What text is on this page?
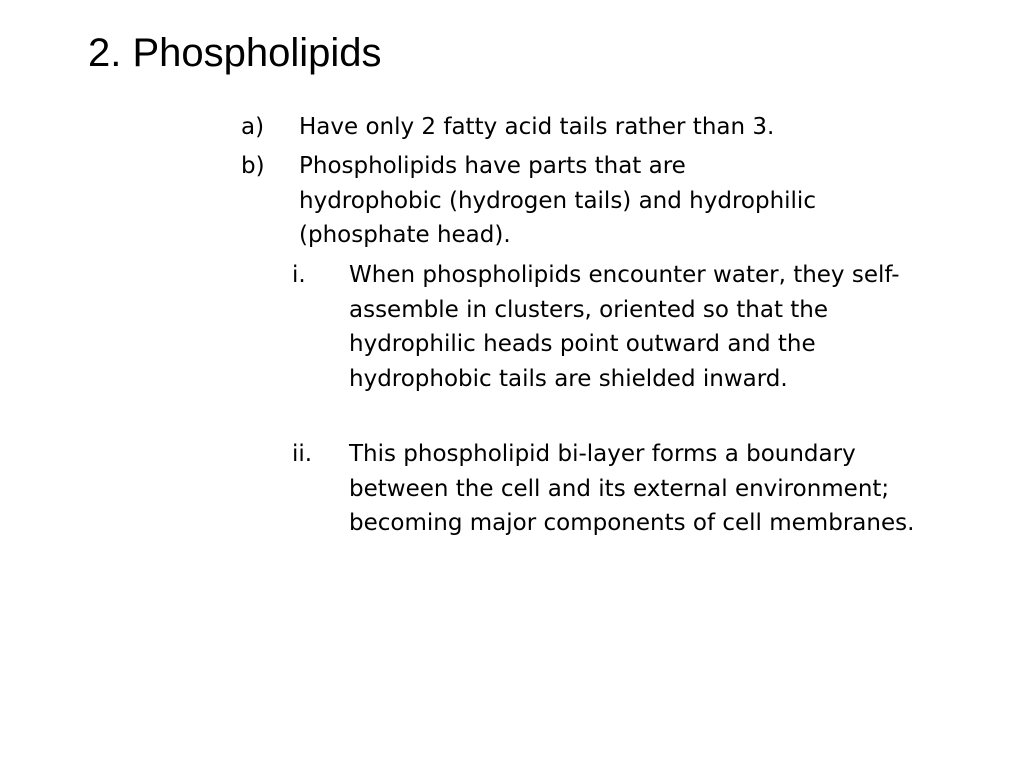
2. Phospholipids
a) Have only 2 fatty acid tails rather than 3.
b) Phospholipids have parts that are hydrophobic (hydrogen tails) and hydrophilic (phosphate head).
i. When phospholipids encounter water, they self-assemble in clusters, oriented so that the hydrophilic heads point outward and the hydrophobic tails are shielded inward.
ii. This phospholipid bi-layer forms a boundary between the cell and its external environment; becoming major components of cell membranes.
